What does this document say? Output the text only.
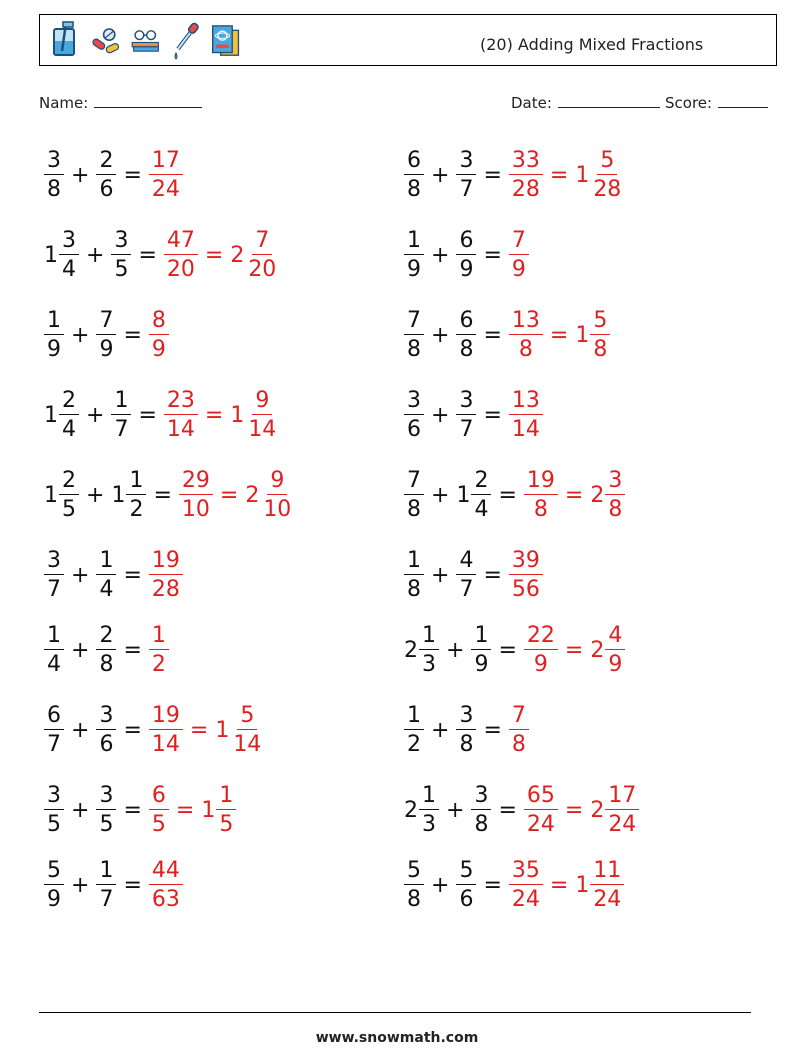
(20) Adding Mixed Fractions
Name:	Date:	Score:
$\frac{3}{8} + \frac{2}{6} = \frac{17}{24}$	$\frac{6}{8} + \frac{3}{7} = \frac{33}{28} = 1 \frac{5}{28}$
$1 \frac{3}{4} + \frac{3}{5} = \frac{47}{20} = 2 \frac{7}{20}$	$\frac{1}{9} + \frac{6}{9} = \frac{7}{9}$
$\frac{1}{9} + \frac{7}{9} = \frac{8}{9}$	$\frac{7}{8} + \frac{6}{8} = \frac{13}{8} = 1 \frac{5}{8}$
$1 \frac{2}{4} + \frac{1}{7} = \frac{23}{14} = 1 \frac{9}{14}$	$\frac{3}{6} + \frac{3}{7} = \frac{13}{14}$
$1 \frac{2}{5} + 1 \frac{1}{2} = \frac{29}{10} = 2 \frac{9}{10}$	$\frac{7}{8} + 1 \frac{2}{4} = \frac{19}{8} = 2 \frac{3}{8}$
$\frac{3}{7} + \frac{1}{4} = \frac{19}{28}$	$\frac{1}{8} + \frac{4}{7} = \frac{39}{56}$
$\frac{1}{4} + \frac{2}{8} = \frac{1}{2}$	$2 \frac{1}{3} + \frac{1}{9} = \frac{22}{9} = 2 \frac{4}{9}$
$\frac{6}{7} + \frac{3}{6} = \frac{19}{14} = 1 \frac{5}{14}$	$\frac{1}{2} + \frac{3}{8} = \frac{7}{8}$
$\frac{3}{5} + \frac{3}{5} = \frac{6}{5} = 1 \frac{1}{5}$	$2 \frac{1}{3} + \frac{3}{8} = \frac{65}{24} = 2 \frac{17}{24}$
$\frac{5}{9} + \frac{1}{7} = \frac{44}{63}$	$\frac{5}{8} + \frac{5}{6} = \frac{35}{24} = 1 \frac{11}{24}$
www.snowmath.com
